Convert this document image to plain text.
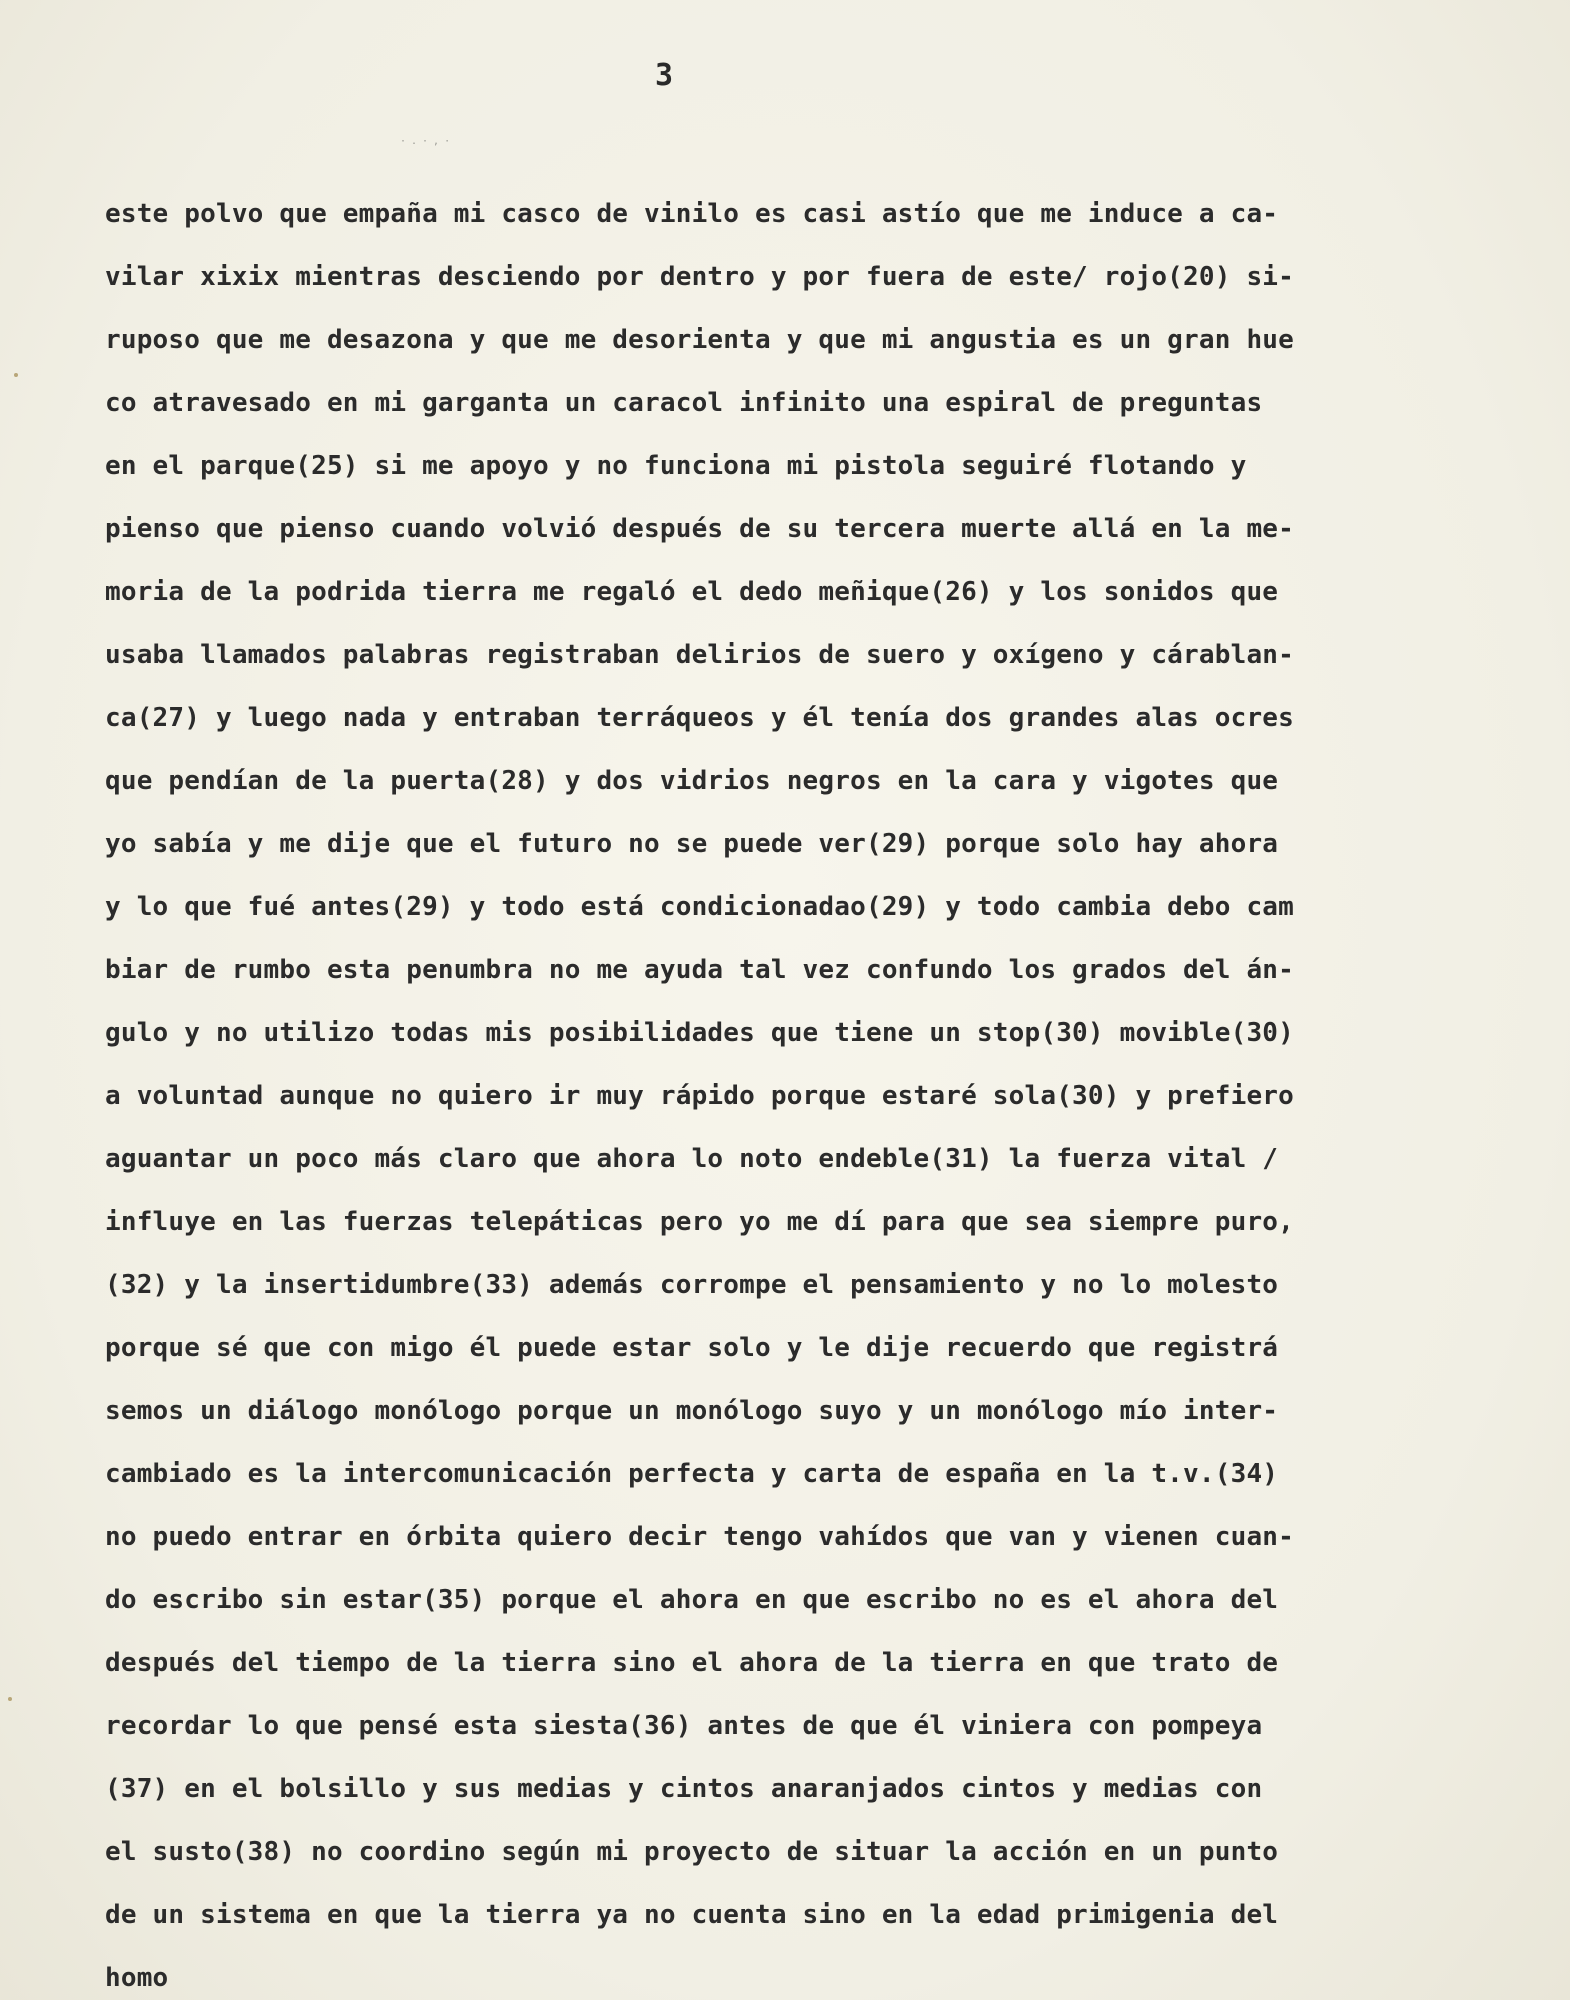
3
·.·,·
este polvo que empaña mi casco de vinilo es casi astío que me induce a ca-
vilar xixix mientras desciendo por dentro y por fuera de este/ rojo(20) si-
ruposo que me desazona y que me desorienta y que mi angustia es un gran hue
co atravesado en mi garganta un caracol infinito una espiral de preguntas
en el parque(25) si me apoyo y no funciona mi pistola seguiré flotando y
pienso que pienso cuando volvió después de su tercera muerte allá en la me-
moria de la podrida tierra me regaló el dedo meñique(26) y los sonidos que
usaba llamados palabras registraban delirios de suero y oxígeno y cárablan-
ca(27) y luego nada y entraban terráqueos y él tenía dos grandes alas ocres
que pendían de la puerta(28) y dos vidrios negros en la cara y vigotes que
yo sabía y me dije que el futuro no se puede ver(29) porque solo hay ahora
y lo que fué antes(29) y todo está condicionadao(29) y todo cambia debo cam
biar de rumbo esta penumbra no me ayuda tal vez confundo los grados del án-
gulo y no utilizo todas mis posibilidades que tiene un stop(30) movible(30)
a voluntad aunque no quiero ir muy rápido porque estaré sola(30) y prefiero
aguantar un poco más claro que ahora lo noto endeble(31) la fuerza vital /
influye en las fuerzas telepáticas pero yo me dí para que sea siempre puro,
(32) y la insertidumbre(33) además corrompe el pensamiento y no lo molesto
porque sé que con migo él puede estar solo y le dije recuerdo que registrá
semos un diálogo monólogo porque un monólogo suyo y un monólogo mío inter-
cambiado es la intercomunicación perfecta y carta de españa en la t.v.(34)
no puedo entrar en órbita quiero decir tengo vahídos que van y vienen cuan-
do escribo sin estar(35) porque el ahora en que escribo no es el ahora del
después del tiempo de la tierra sino el ahora de la tierra en que trato de
recordar lo que pensé esta siesta(36) antes de que él viniera con pompeya
(37) en el bolsillo y sus medias y cintos anaranjados cintos y medias con
el susto(38) no coordino según mi proyecto de situar la acción en un punto
de un sistema en que la tierra ya no cuenta sino en la edad primigenia del
homo
